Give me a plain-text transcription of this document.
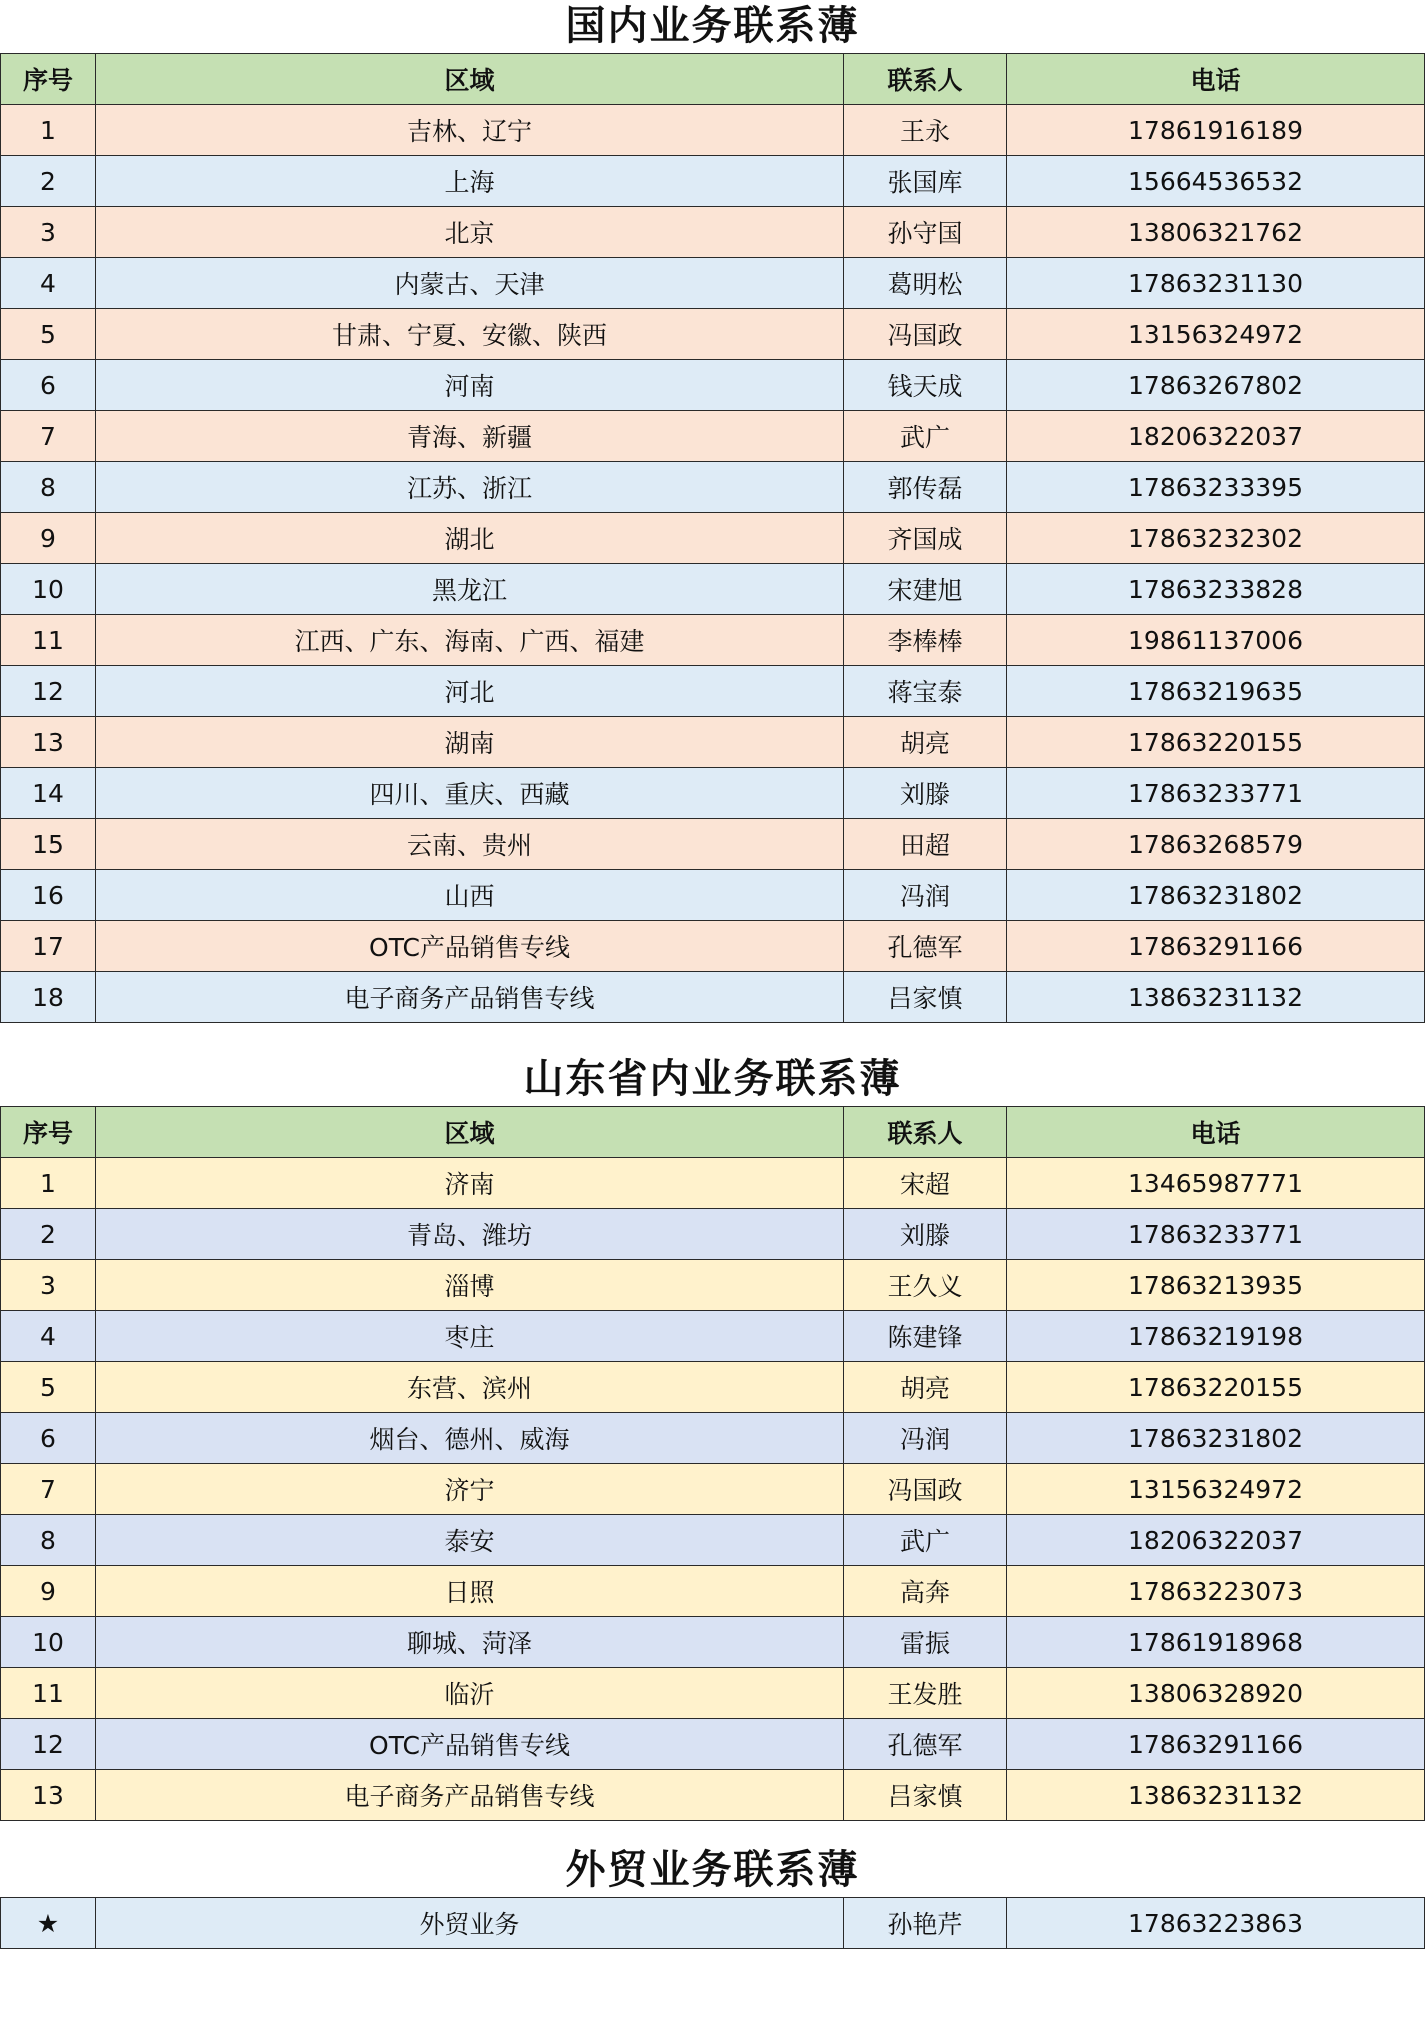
国内业务联系薄
序号	区域	联系人	电话
1	吉林、辽宁	王永	17861916189
2	上海	张国库	15664536532
3	北京	孙守国	13806321762
4	内蒙古、天津	葛明松	17863231130
5	甘肃、宁夏、安徽、陕西	冯国政	13156324972
6	河南	钱天成	17863267802
7	青海、新疆	武广	18206322037
8	江苏、浙江	郭传磊	17863233395
9	湖北	齐国成	17863232302
10	黑龙江	宋建旭	17863233828
11	江西、广东、海南、广西、福建	李棒棒	19861137006
12	河北	蒋宝泰	17863219635
13	湖南	胡亮	17863220155
14	四川、重庆、西藏	刘滕	17863233771
15	云南、贵州	田超	17863268579
16	山西	冯润	17863231802
17	OTC产品销售专线	孔德军	17863291166
18	电子商务产品销售专线	吕家慎	13863231132
山东省内业务联系薄
序号	区域	联系人	电话
1	济南	宋超	13465987771
2	青岛、潍坊	刘滕	17863233771
3	淄博	王久义	17863213935
4	枣庄	陈建锋	17863219198
5	东营、滨州	胡亮	17863220155
6	烟台、德州、威海	冯润	17863231802
7	济宁	冯国政	13156324972
8	泰安	武广	18206322037
9	日照	高奔	17863223073
10	聊城、菏泽	雷振	17861918968
11	临沂	王发胜	13806328920
12	OTC产品销售专线	孔德军	17863291166
13	电子商务产品销售专线	吕家慎	13863231132
外贸业务联系薄
★	外贸业务	孙艳芹	17863223863
